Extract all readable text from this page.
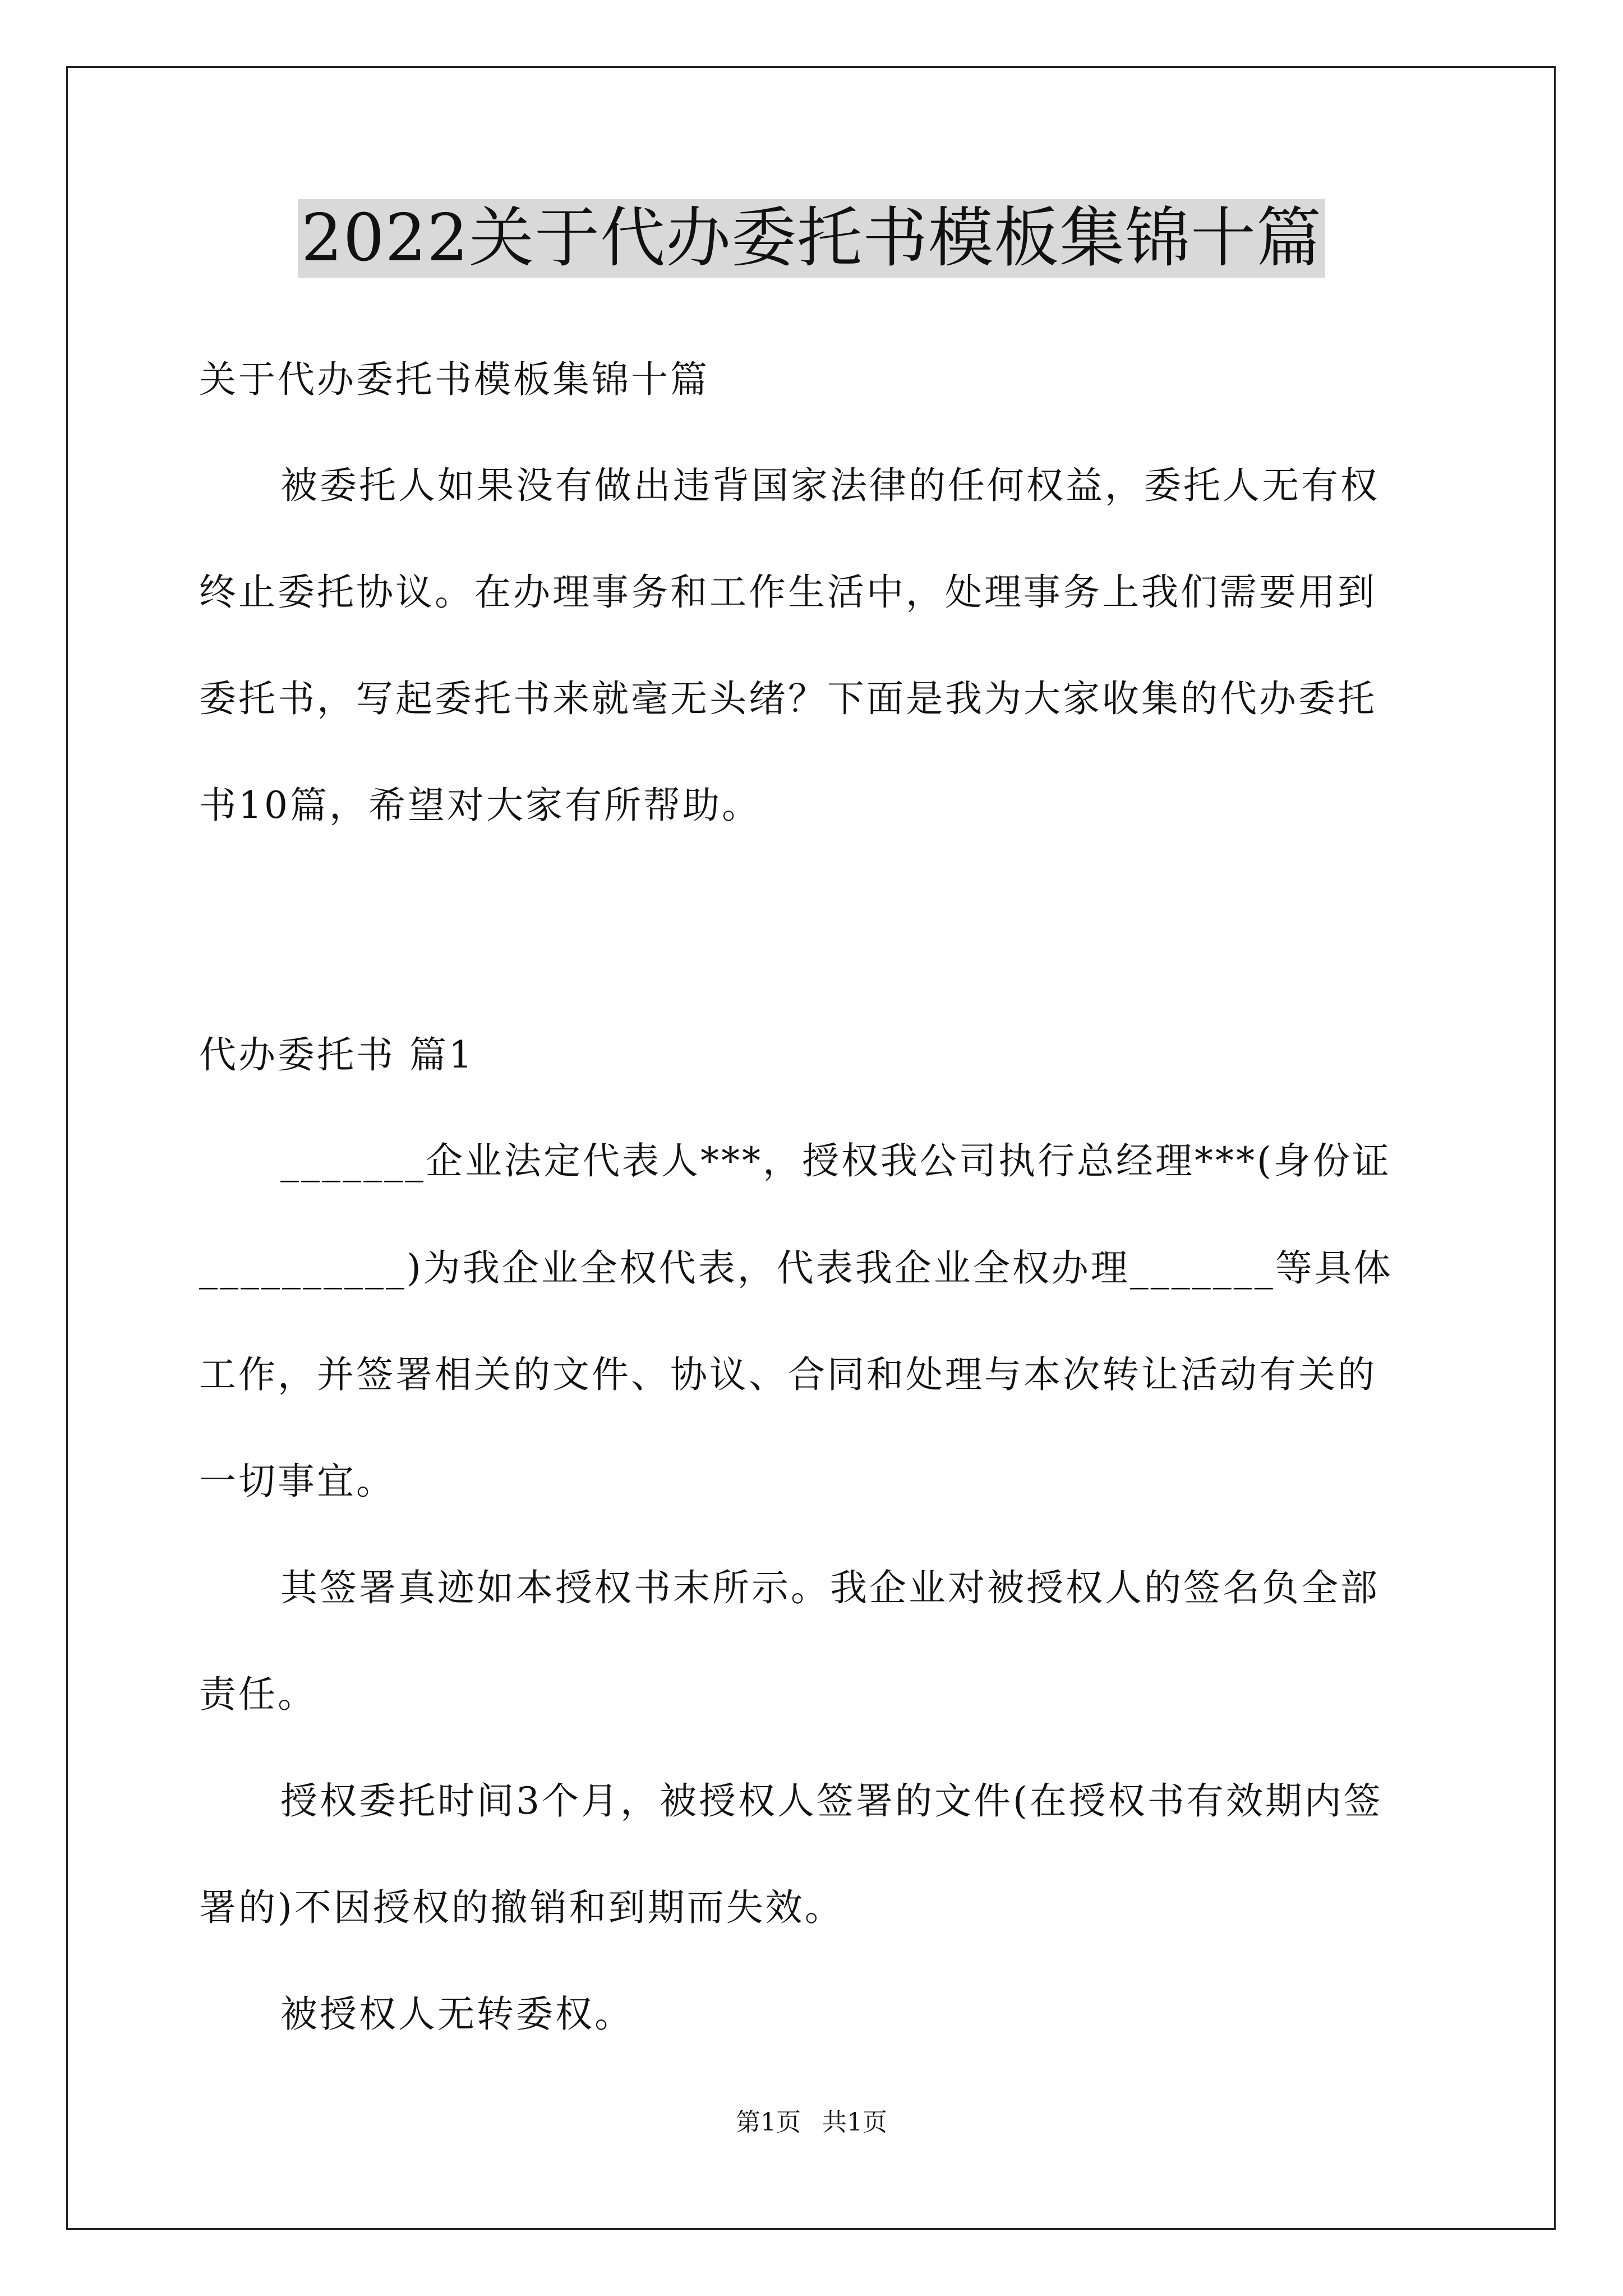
2022关于代办委托书模板集锦十篇
关于代办委托书模板集锦十篇
被委托人如果没有做出违背国家法律的任何权益，委托人无有权
终止委托协议。在办理事务和工作生活中，处理事务上我们需要用到
委托书，写起委托书来就毫无头绪？下面是我为大家收集的代办委托
书10篇，希望对大家有所帮助。
代办委托书 篇1
_______企业法定代表人***，授权我公司执行总经理***(身份证
__________)为我企业全权代表，代表我企业全权办理_______等具体
工作，并签署相关的文件、协议、合同和处理与本次转让活动有关的
一切事宜。
其签署真迹如本授权书末所示。我企业对被授权人的签名负全部
责任。
授权委托时间3个月，被授权人签署的文件(在授权书有效期内签
署的)不因授权的撤销和到期而失效。
被授权人无转委权。
第1页 共1页
